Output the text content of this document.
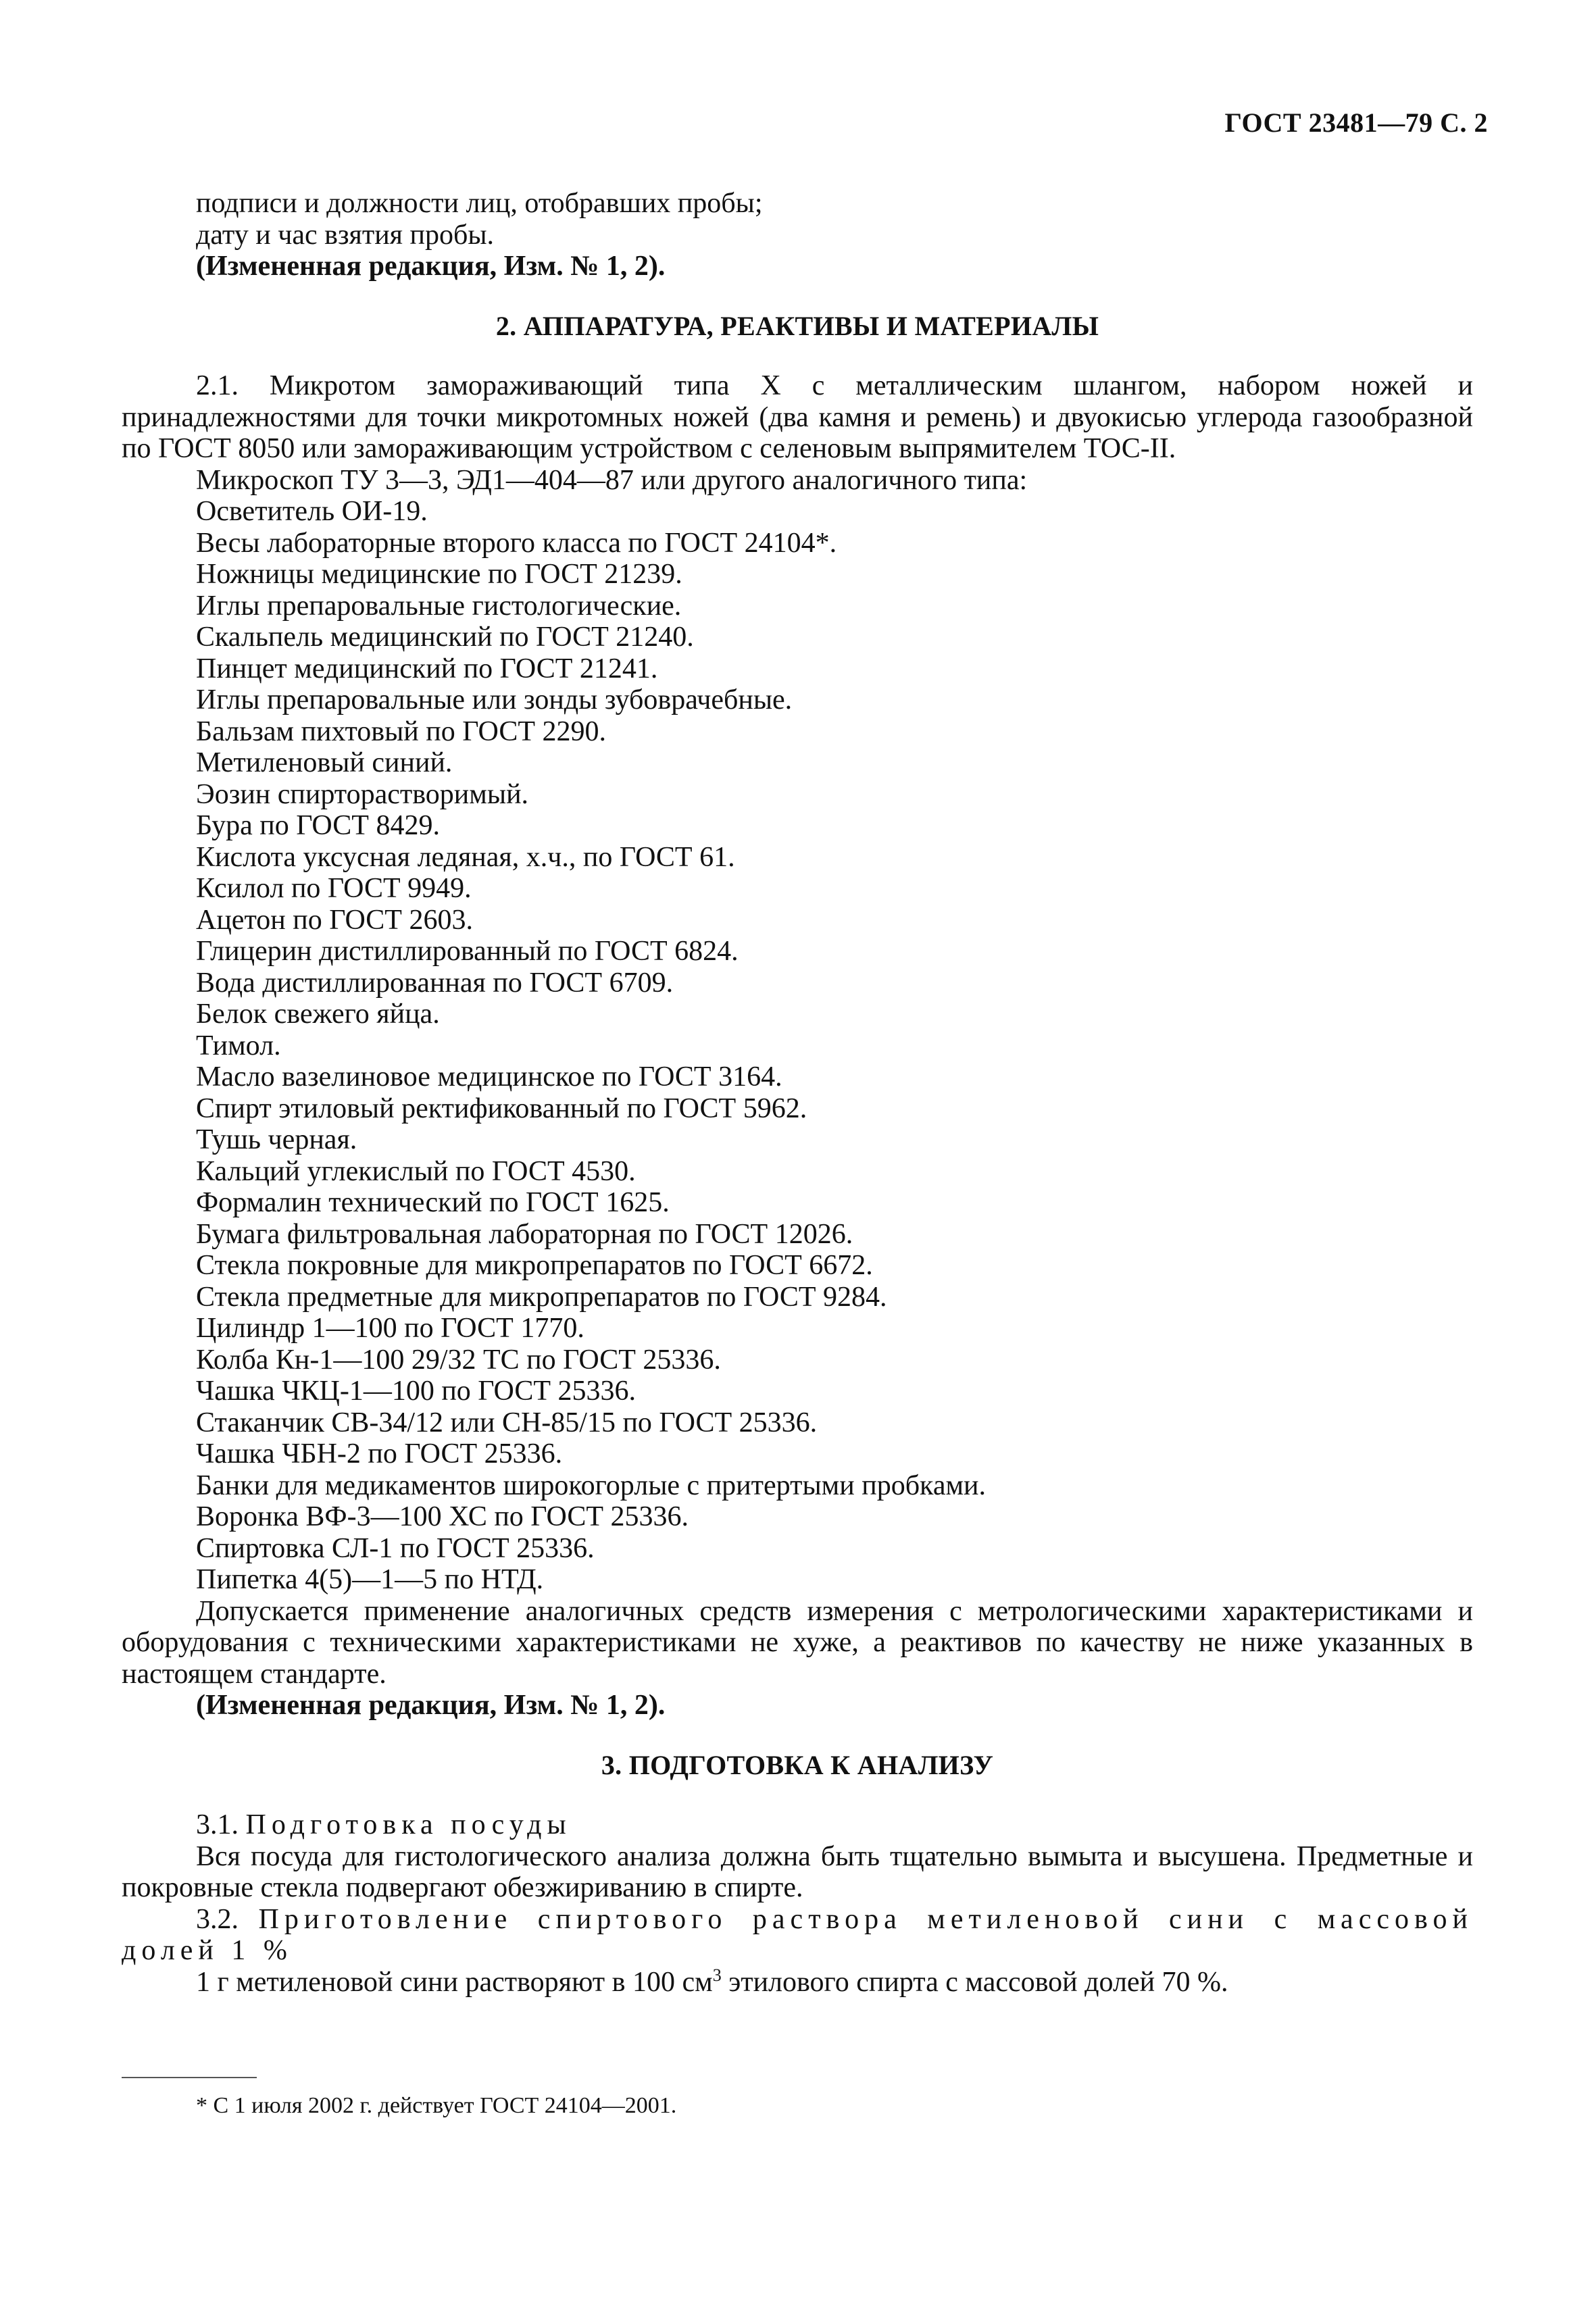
ГОСТ 23481—79 С. 2
подписи и должности лиц, отобравших пробы;
дату и час взятия пробы.
(Измененная редакция, Изм. № 1, 2).
2. АППАРАТУРА, РЕАКТИВЫ И МАТЕРИАЛЫ
2.1. Микротом замораживающий типа X с металлическим шлангом, набором ножей и принадлежностями для точки микротомных ножей (два камня и ремень) и двуокисью углерода газообразной по ГОСТ 8050 или замораживающим устройством с селеновым выпрямителем ТОС-II.
Микроскоп ТУ 3—3, ЭД1—404—87 или другого аналогичного типа:
Осветитель ОИ-19.
Весы лабораторные второго класса по ГОСТ 24104*.
Ножницы медицинские по ГОСТ 21239.
Иглы препаровальные гистологические.
Скальпель медицинский по ГОСТ 21240.
Пинцет медицинский по ГОСТ 21241.
Иглы препаровальные или зонды зубоврачебные.
Бальзам пихтовый по ГОСТ 2290.
Метиленовый синий.
Эозин спирторастворимый.
Бура по ГОСТ 8429.
Кислота уксусная ледяная, х.ч., по ГОСТ 61.
Ксилол по ГОСТ 9949.
Ацетон по ГОСТ 2603.
Глицерин дистиллированный по ГОСТ 6824.
Вода дистиллированная по ГОСТ 6709.
Белок свежего яйца.
Тимол.
Масло вазелиновое медицинское по ГОСТ 3164.
Спирт этиловый ректификованный по ГОСТ 5962.
Тушь черная.
Кальций углекислый по ГОСТ 4530.
Формалин технический по ГОСТ 1625.
Бумага фильтровальная лабораторная по ГОСТ 12026.
Стекла покровные для микропрепаратов по ГОСТ 6672.
Стекла предметные для микропрепаратов по ГОСТ 9284.
Цилиндр 1—100 по ГОСТ 1770.
Колба Кн-1—100 29/32 ТС по ГОСТ 25336.
Чашка ЧКЦ-1—100 по ГОСТ 25336.
Стаканчик СВ-34/12 или СН-85/15 по ГОСТ 25336.
Чашка ЧБН-2 по ГОСТ 25336.
Банки для медикаментов широкогорлые с притертыми пробками.
Воронка ВФ-3—100 ХС по ГОСТ 25336.
Спиртовка СЛ-1 по ГОСТ 25336.
Пипетка 4(5)—1—5 по НТД.
Допускается применение аналогичных средств измерения с метрологическими характеристиками и оборудования с техническими характеристиками не хуже, а реактивов по качеству не ниже указанных в настоящем стандарте.
(Измененная редакция, Изм. № 1, 2).
3. ПОДГОТОВКА К АНАЛИЗУ
3.1. Подготовка посуды
Вся посуда для гистологического анализа должна быть тщательно вымыта и высушена. Предметные и покровные стекла подвергают обезжириванию в спирте.
3.2. Приготовление спиртового раствора метиленовой сини с массовой долей 1 %
1 г метиленовой сини растворяют в 100 $см^3$ этилового спирта с массовой долей 70 %.
* С 1 июля 2002 г. действует ГОСТ 24104—2001.
